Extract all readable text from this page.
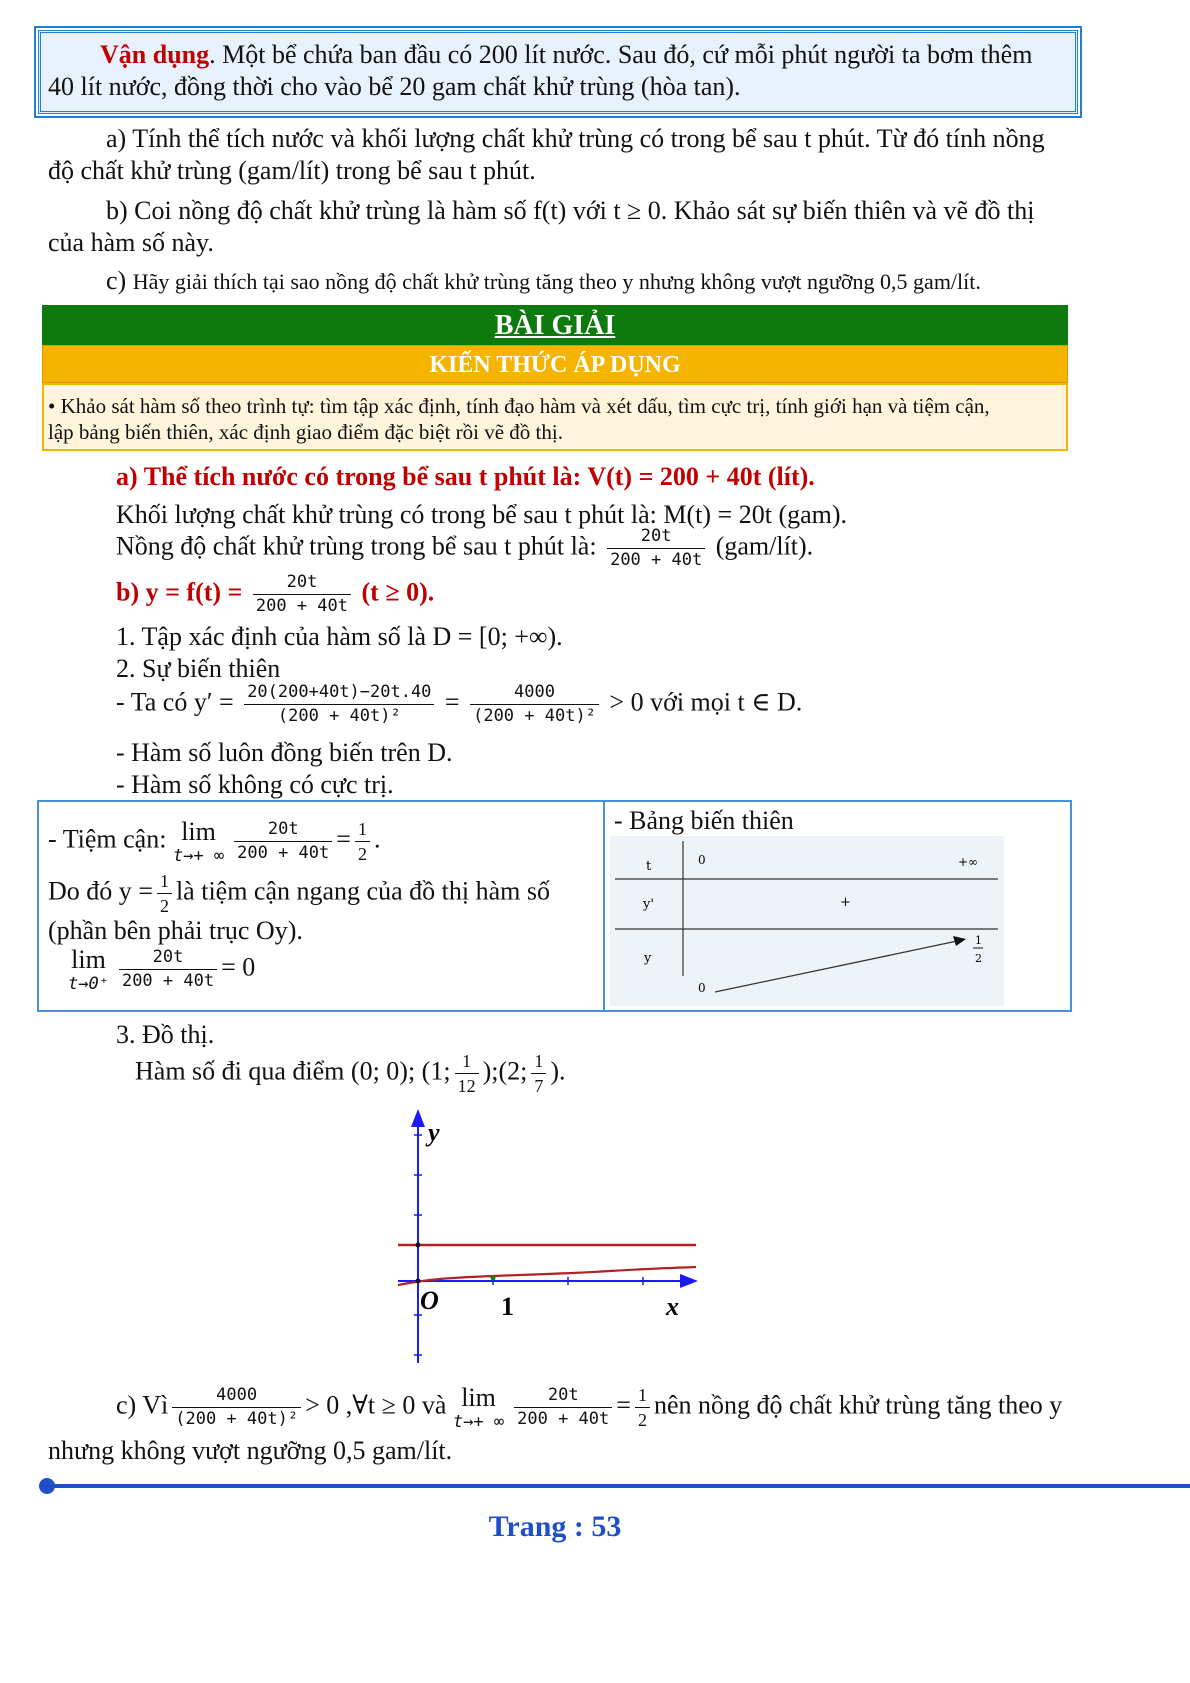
Vận dụng. Một bể chứa ban đầu có 200 lít nước. Sau đó, cứ mỗi phút người ta bơm thêm
40 lít nước, đồng thời cho vào bể 20 gam chất khử trùng (hòa tan).
a) Tính thể tích nước và khối lượng chất khử trùng có trong bể sau t phút. Từ đó tính nồng
độ chất khử trùng (gam/lít) trong bể sau t phút.
b) Coi nồng độ chất khử trùng là hàm số f(t) với t ≥ 0. Khảo sát sự biến thiên và vẽ đồ thị
của hàm số này.
c) Hãy giải thích tại sao nồng độ chất khử trùng tăng theo y nhưng không vượt ngưỡng 0,5 gam/lít.
BÀI GIẢI
KIẾN THỨC ÁP DỤNG
• Khảo sát hàm số theo trình tự: tìm tập xác định, tính đạo hàm và xét dấu, tìm cực trị, tính giới hạn và tiệm cận,
lập bảng biến thiên, xác định giao điểm đặc biệt rồi vẽ đồ thị.
a) Thể tích nước có trong bể sau t phút là: V(t) = 200 + 40t (lít).
Khối lượng chất khử trùng có trong bể sau t phút là: M(t) = 20t (gam).
Nồng độ chất khử trùng trong bể sau t phút là: $\frac{20t}{200 + 40t}$ (gam/lít).
b) $y = f(t) = \frac{20t}{200 + 40t} (t \ge 0)$.
1. Tập xác định của hàm số là D = [0; +∞).
2. Sự biến thiên
- Ta có $y' = \frac{20(200+40t)-20t.40}{\text{(200 + 40t)²}} = \frac{4000}{\text{(200 + 40t)²}} > 0$ với mọi t ∈ D.
- Hàm số luôn đồng biến trên D.
- Hàm số không có cực trị.
- Tiệm cận: lim
t→+ ∞ $\frac{20t}{200 + 40t} = \frac{1}{2}$ .
Do đó $y = \frac{1}{2}$ là tiệm cận ngang của đồ thị hàm số
(phần bên phải trục Oy).
lim
$t\to 0^+ \frac{20t}{200 + 40t} = 0$
- Bảng biến thiên
t
y'
y
0	+∞
+
0
1
2
3. Đồ thị.
Hàm số đi qua điểm (0; 0); (1; $\frac{1}{12}$ );(2; $\frac{1}{7}$ ).
y
x
O 1
c) Vì $\frac{4000}{\text{(200 + 40t)²}} > 0$ ,∀t ≥ 0 và lim
t→+ ∞ $\frac{20t}{200 + 40t} = \frac{1}{2}$ nên nồng độ chất khử trùng tăng theo y
nhưng không vượt ngưỡng 0,5 gam/lít.
Trang : 53
